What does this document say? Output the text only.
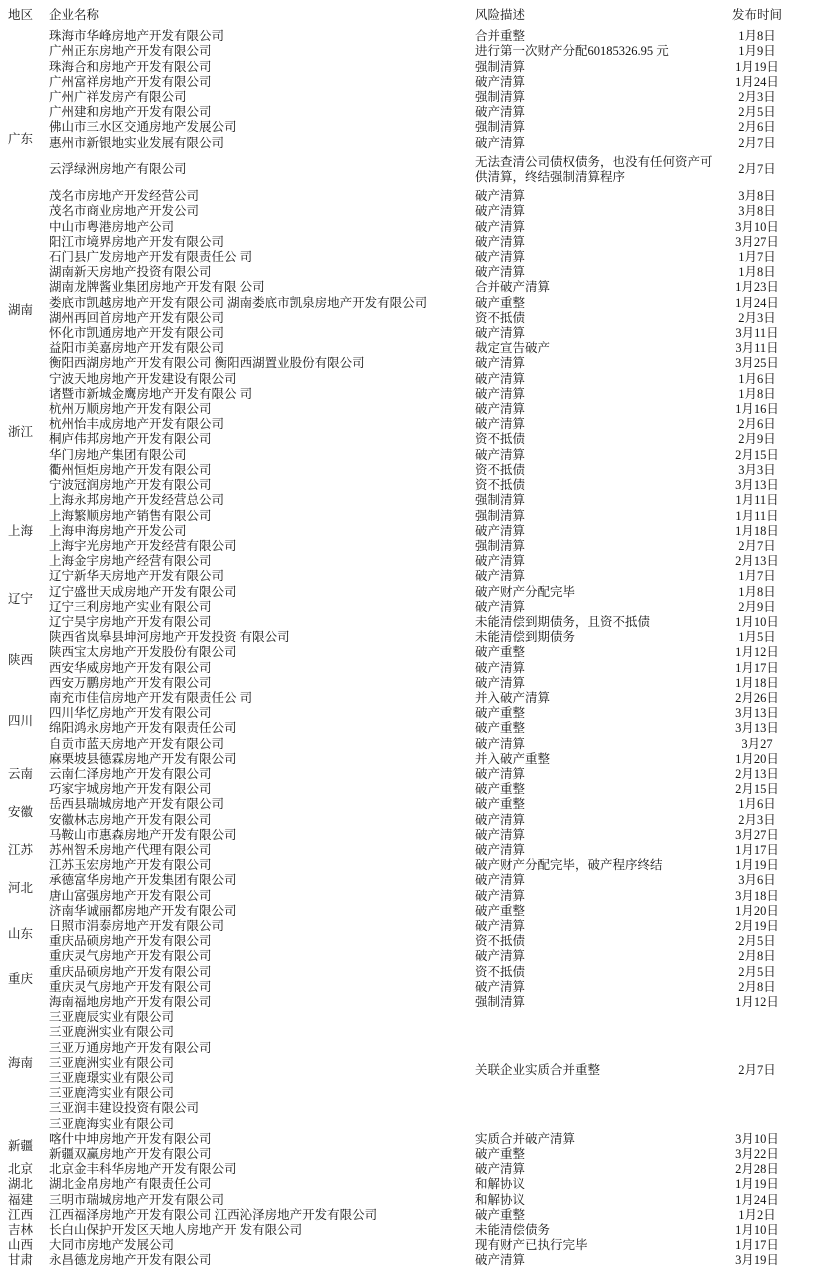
地区	企业名称	风险描述	发布时间	
广东	珠海市华峰房地产开发有限公司	合并重整	1月8日	
	广州正东房地产开发有限公司	进行第一次财产分配60185326.95 元	1月9日	
	珠海合和房地产开发有限公司	强制清算	1月19日	
	广州富祥房地产开发有限公司	破产清算	1月24日	
	广州广祥发房产有限公司	强制清算	2月3日	
	广州建和房地产开发有限公司	破产清算	2月5日	
	佛山市三水区交通房地产发展公司	强制清算	2月6日	
	惠州市新银地实业发展有限公司	破产清算	2月7日	
	云浮绿洲房地产有限公司	无法查清公司债权债务，也没有任何资产可供清算，终结强制清算程序	2月7日	
	茂名市房地产开发经营公司	破产清算	3月8日	
	茂名市商业房地产开发公司	破产清算	3月8日	
	中山市粤港房地产公司	破产清算	3月10日	
	阳江市境界房地产开发有限公司	破产清算	3月27日	
湖南	石门县广发房地产开发有限责任公 司	破产清算	1月7日	
	湖南新天房地产投资有限公司	破产清算	1月8日	
	湖南龙牌酱业集团房地产开发有限 公司	合并破产清算	1月23日	
	娄底市凯越房地产开发有限公司 湖南娄底市凯泉房地产开发有限公司	破产重整	1月24日	
	湖州再回首房地产开发有限公司	资不抵债	2月3日	
	怀化市凯通房地产开发有限公司	破产清算	3月11日	
	益阳市美嘉房地产开发有限公司	裁定宣告破产	3月11日	
	衡阳西湖房地产开发有限公司 衡阳西湖置业股份有限公司	破产清算	3月25日	
浙江	宁波天地房地产开发建设有限公司	破产清算	1月6日	
	诸暨市新城金鹰房地产开发有限公 司	破产清算	1月8日	
	杭州万顺房地产开发有限公司	破产清算	1月16日	
	杭州怡丰成房地产开发有限公司	破产清算	2月6日	
	桐庐伟邦房地产开发有限公司	资不抵债	2月9日	
	华门房地产集团有限公司	破产清算	2月15日	
	衢州恒炬房地产开发有限公司	资不抵债	3月3日	
	宁波冠润房地产开发有限公司	资不抵债	3月13日	
上海	上海永邦房地产开发经营总公司	强制清算	1月11日	
	上海繁顺房地产销售有限公司	强制清算	1月11日	
	上海申海房地产开发公司	破产清算	1月18日	
	上海宇光房地产开发经营有限公司	强制清算	2月7日	
	上海金宇房地产经营有限公司	破产清算	2月13日	
辽宁	辽宁新华天房地产开发有限公司	破产清算	1月7日	
	辽宁盛世天成房地产开发有限公司	破产财产分配完毕	1月8日	
	辽宁三利房地产实业有限公司	破产清算	2月9日	
	辽宁昊宇房地产开发有限公司	未能清偿到期债务，且资不抵债	1月10日	
陕西	陕西省岚皋县坤河房地产开发投资 有限公司	未能清偿到期债务	1月5日	
	陕西宝太房地产开发股份有限公司	破产重整	1月12日	
	西安华威房地产开发有限公司	破产清算	1月17日	
	西安万鹏房地产开发有限公司	破产清算	1月18日	
四川	南充市佳信房地产开发有限责任公 司	并入破产清算	2月26日	
	四川华忆房地产开发有限公司	破产重整	3月13日	
	绵阳鸿永房地产开发有限责任公司	破产重整	3月13日	
	自贡市蓝天房地产开发有限公司	破产清算	3月27	
云南	麻栗坡县德霖房地产开发有限公司	并入破产重整	1月20日	
	云南仁泽房地产开发有限公司	破产清算	2月13日	
	巧家宇城房地产开发有限公司	破产重整	2月15日	
安徽	岳西县瑞城房地产开发有限公司	破产重整	1月6日	
	安徽林志房地产开发有限公司	破产清算	2月3日	
江苏	马鞍山市惠森房地产开发有限公司	破产清算	3月27日	
	苏州智禾房地产代理有限公司	破产清算	1月17日	
	江苏玉宏房地产开发有限公司	破产财产分配完毕，破产程序终结	1月19日	
河北	承德富华房地产开发集团有限公司	破产清算	3月6日	
	唐山富强房地产开发有限公司	破产清算	3月18日	
山东	济南华诚丽都房地产开发有限公司	破产重整	1月20日	
	日照市涓泰房地产开发有限公司	破产清算	2月19日	
	重庆品硕房地产开发有限公司	资不抵债	2月5日	
	重庆灵气房地产开发有限公司	破产清算	2月8日	
重庆	重庆品硕房地产开发有限公司	资不抵债	2月5日	
	重庆灵气房地产开发有限公司	破产清算	2月8日	
海南	海南福地房地产开发有限公司	强制清算	1月12日	
	三亚鹿辰实业有限公司	关联企业实质合并重整	2月7日	
	三亚鹿洲实业有限公司			
	三亚万通房地产开发有限公司			
	三亚鹿洲实业有限公司			
	三亚鹿璟实业有限公司			
	三亚鹿湾实业有限公司			
	三亚润丰建设投资有限公司			
	三亚鹿海实业有限公司			
新疆	喀什中坤房地产开发有限公司	实质合并破产清算	3月10日	
	新疆双赢房地产开发有限公司	破产重整	3月22日	
北京	北京金丰科华房地产开发有限公司	破产清算	2月28日	
湖北	湖北金帛房地产有限责任公司	和解协议	1月19日	
福建	三明市瑞城房地产开发有限公司	和解协议	1月24日	
江西	江西福泽房地产开发有限公司 江西沁泽房地产开发有限公司	破产重整	1月2日	
吉林	长白山保护开发区天地人房地产开 发有限公司	未能清偿债务	1月10日	
山西	大同市房地产发展公司	现有财产已执行完毕	1月17日	
甘肃	永昌德龙房地产开发有限公司	破产清算	3月19日	
